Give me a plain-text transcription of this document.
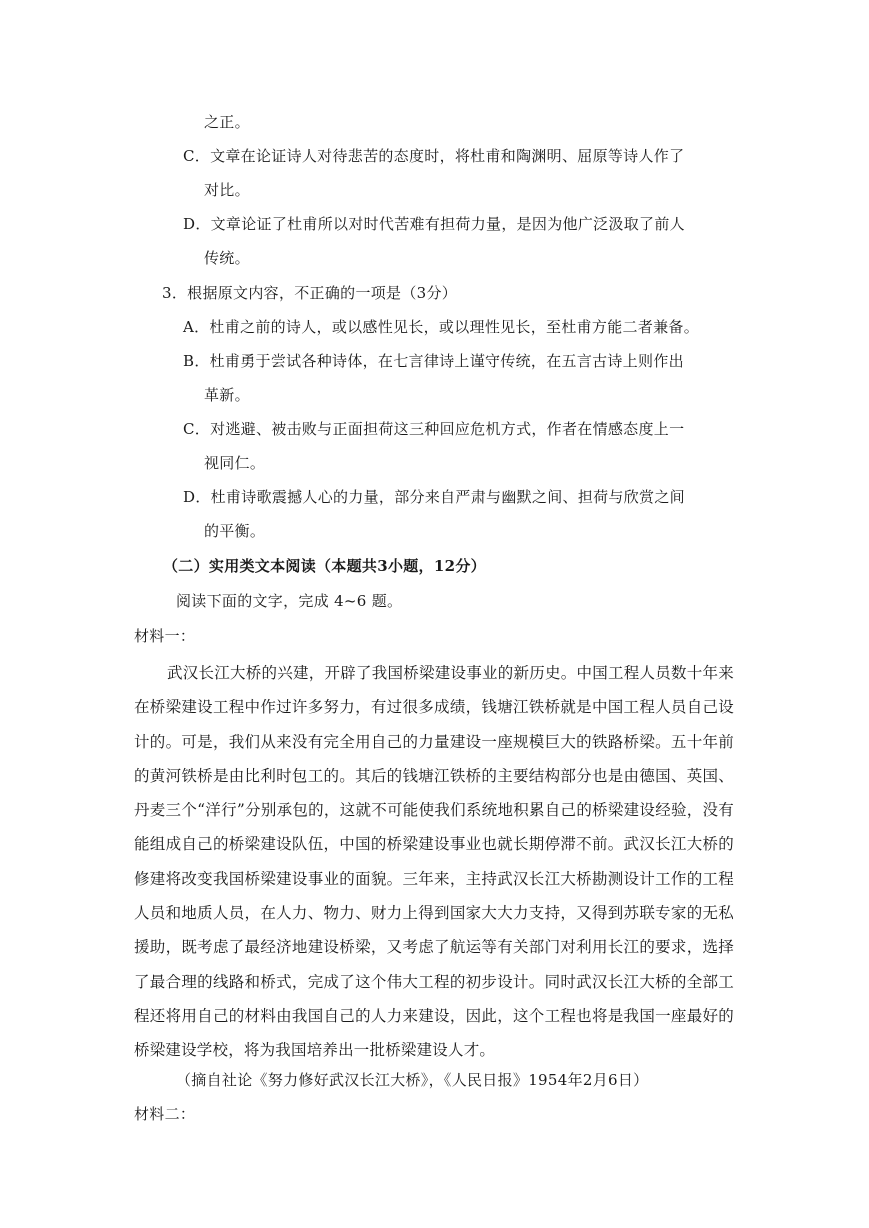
之正。
C．文章在论证诗人对待悲苦的态度时，将杜甫和陶渊明、屈原等诗人作了
对比。
D．文章论证了杜甫所以对时代苦难有担荷力量，是因为他广泛汲取了前人
传统。
3．根据原文内容，不正确的一项是（3分）
A．杜甫之前的诗人，或以感性见长，或以理性见长，至杜甫方能二者兼备。
B．杜甫勇于尝试各种诗体，在七言律诗上谨守传统，在五言古诗上则作出
革新。
C．对逃避、被击败与正面担荷这三种回应危机方式，作者在情感态度上一
视同仁。
D．杜甫诗歌震撼人心的力量，部分来自严肃与幽默之间、担荷与欣赏之间
的平衡。
（二）实用类文本阅读（本题共3小题，12分）
阅读下面的文字，完成 4~6 题。
材料一：
武汉长江大桥的兴建，开辟了我国桥梁建设事业的新历史。中国工程人员数十年来在桥梁建设工程中作过许多努力，有过很多成绩，钱塘江铁桥就是中国工程人员自己设计的。可是，我们从来没有完全用自己的力量建设一座规模巨大的铁路桥梁。五十年前的黄河铁桥是由比利时包工的。其后的钱塘江铁桥的主要结构部分也是由德国、英国、丹麦三个“洋行”分别承包的，这就不可能使我们系统地积累自己的桥梁建设经验，没有能组成自己的桥梁建设队伍，中国的桥梁建设事业也就长期停滞不前。武汉长江大桥的修建将改变我国桥梁建设事业的面貌。三年来，主持武汉长江大桥勘测设计工作的工程人员和地质人员，在人力、物力、财力上得到国家大大力支持，又得到苏联专家的无私援助，既考虑了最经济地建设桥梁，又考虑了航运等有关部门对利用长江的要求，选择了最合理的线路和桥式，完成了这个伟大工程的初步设计。同时武汉长江大桥的全部工程还将用自己的材料由我国自己的人力来建设，因此，这个工程也将是我国一座最好的桥梁建设学校，将为我国培养出一批桥梁建设人才。
（摘自社论《努力修好武汉长江大桥》，《人民日报》1954年2月6日）
材料二：
